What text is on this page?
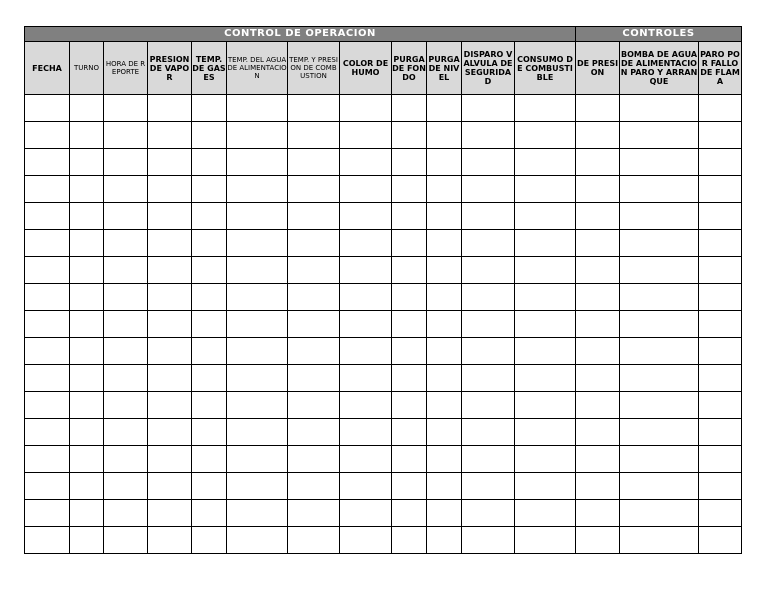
CONTROL DE OPERACION												CONTROLES		
FECHA	TURNO	HORA DE REPORTE	PRESION DE VAPOR	TEMP. DE GASES	TEMP. DEL AGUA DE ALIMENTACION	TEMP. Y PRESION DE COMBUSTION	COLOR DE HUMO	PURGA DE FONDO	PURGA DE NIVEL	DISPARO VALVULA DE SEGURIDAD	CONSUMO DE COMBUSTIBLE	DE PRESION	BOMBA DE AGUA DE ALIMENTACION PARO Y ARRANQUE	PARO POR FALLO DE FLAMA
